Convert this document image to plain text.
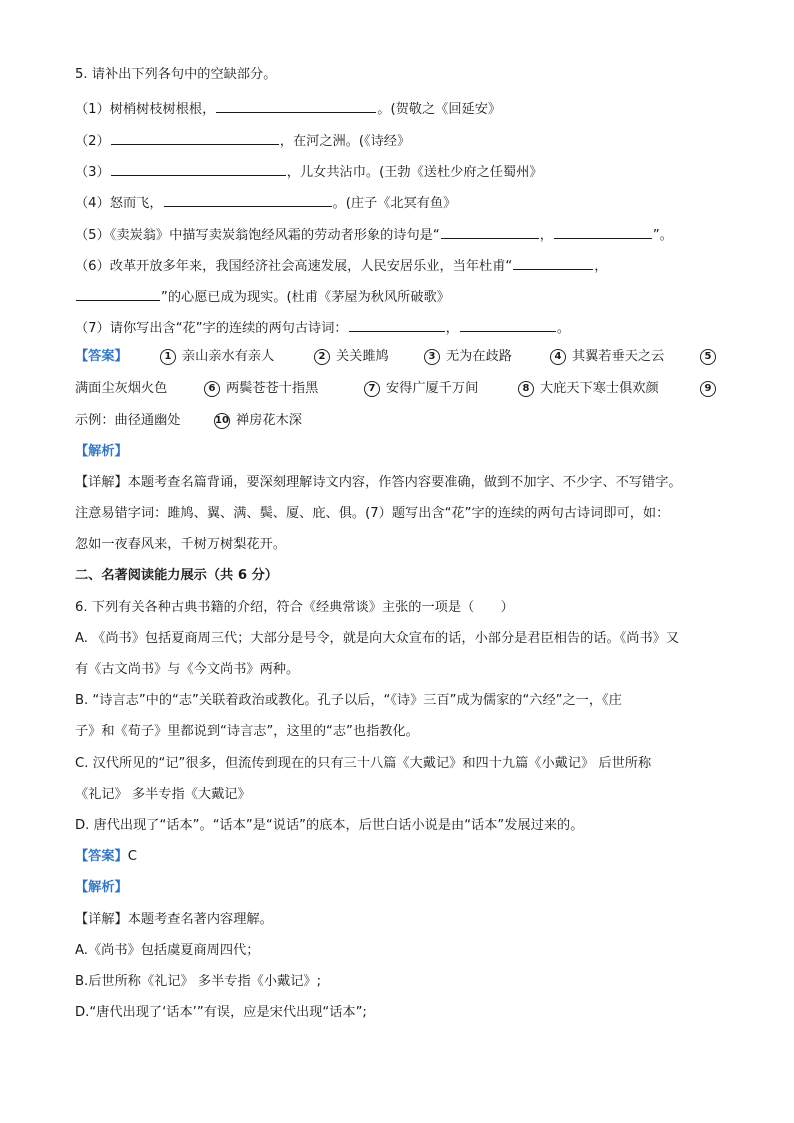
5. 请补出下列各句中的空缺部分。
（1）树梢树枝树根根，	。(贺敬之《回延安》
（2）	，在河之洲。(《诗经》
（3）	，儿女共沾巾。(王勃《送杜少府之任蜀州》
（4）怒而飞，	。(庄子《北冥有鱼》
（5）《卖炭翁》中描写卖炭翁饱经风霜的劳动者形象的诗句是“	，	”。
（6）改革开放多年来，我国经济社会高速发展，人民安居乐业，当年杜甫“	，
”的心愿已成为现实。(杜甫《茅屋为秋风所破歌》
（7）请你写出含“花”字的连续的两句古诗词：	，	。
【答案】	1 亲山亲水有亲人	2 关关雎鸠	3 无为在歧路	4 其翼若垂天之云	5
满面尘灰烟火色	6 两鬓苍苍十指黑	7 安得广厦千万间	8 大庇天下寒士俱欢颜	9
示例：曲径通幽处	10 禅房花木深
【解析】
【详解】本题考查名篇背诵，要深刻理解诗文内容，作答内容要准确，做到不加字、不少字、不写错字。
注意易错字词：雎鸠、翼、满、鬓、厦、庇、俱。(7）题写出含“花”字的连续的两句古诗词即可，如：
忽如一夜春风来，千树万树梨花开。
二、名著阅读能力展示（共 6 分）
6. 下列有关各种古典书籍的介绍，符合《经典常谈》主张的一项是（　　）
A. 《尚书》包括夏商周三代；大部分是号令，就是向大众宣布的话，小部分是君臣相告的话。《尚书》又
有《古文尚书》与《今文尚书》两种。
B. “诗言志”中的“志”关联着政治或教化。孔子以后，“《诗》三百”成为儒家的“六经”之一，《庄
子》和《荀子》里都说到“诗言志”，这里的“志”也指教化。
C. 汉代所见的“记”很多，但流传到现在的只有三十八篇《大戴记》和四十九篇《小戴记》 后世所称
《礼记》 多半专指《大戴记》
D. 唐代出现了“话本”。“话本”是“说话”的底本，后世白话小说是由“话本”发展过来的。
【答案】C
【解析】
【详解】本题考查名著内容理解。
A.《尚书》包括虞夏商周四代；
B.后世所称《礼记》 多半专指《小戴记》;
D.“唐代出现了‘话本’”有误，应是宋代出现“话本”;
